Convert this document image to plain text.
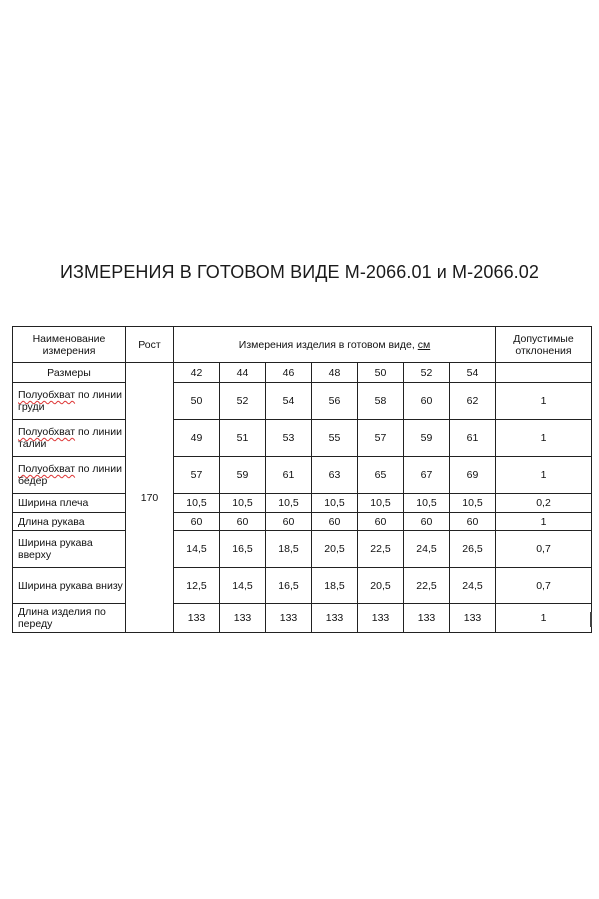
ИЗМЕРЕНИЯ В ГОТОВОМ ВИДЕ М-2066.01 и М-2066.02
Наименование измерения	Рост	Измерения изделия в готовом виде, см							Допустимые отклонения
Размеры	170	42	44	46	48	50	52	54	
Полуобхват по линии груди		50	52	54	56	58	60	62	1
Полуобхват по линии талии		49	51	53	55	57	59	61	1
Полуобхват по линии бедер		57	59	61	63	65	67	69	1
Ширина плеча		10,5	10,5	10,5	10,5	10,5	10,5	10,5	0,2
Длина рукава		60	60	60	60	60	60	60	1
Ширина рукава вверху		14,5	16,5	18,5	20,5	22,5	24,5	26,5	0,7
Ширина рукава внизу		12,5	14,5	16,5	18,5	20,5	22,5	24,5	0,7
Длина изделия по переду		133	133	133	133	133	133	133	1
